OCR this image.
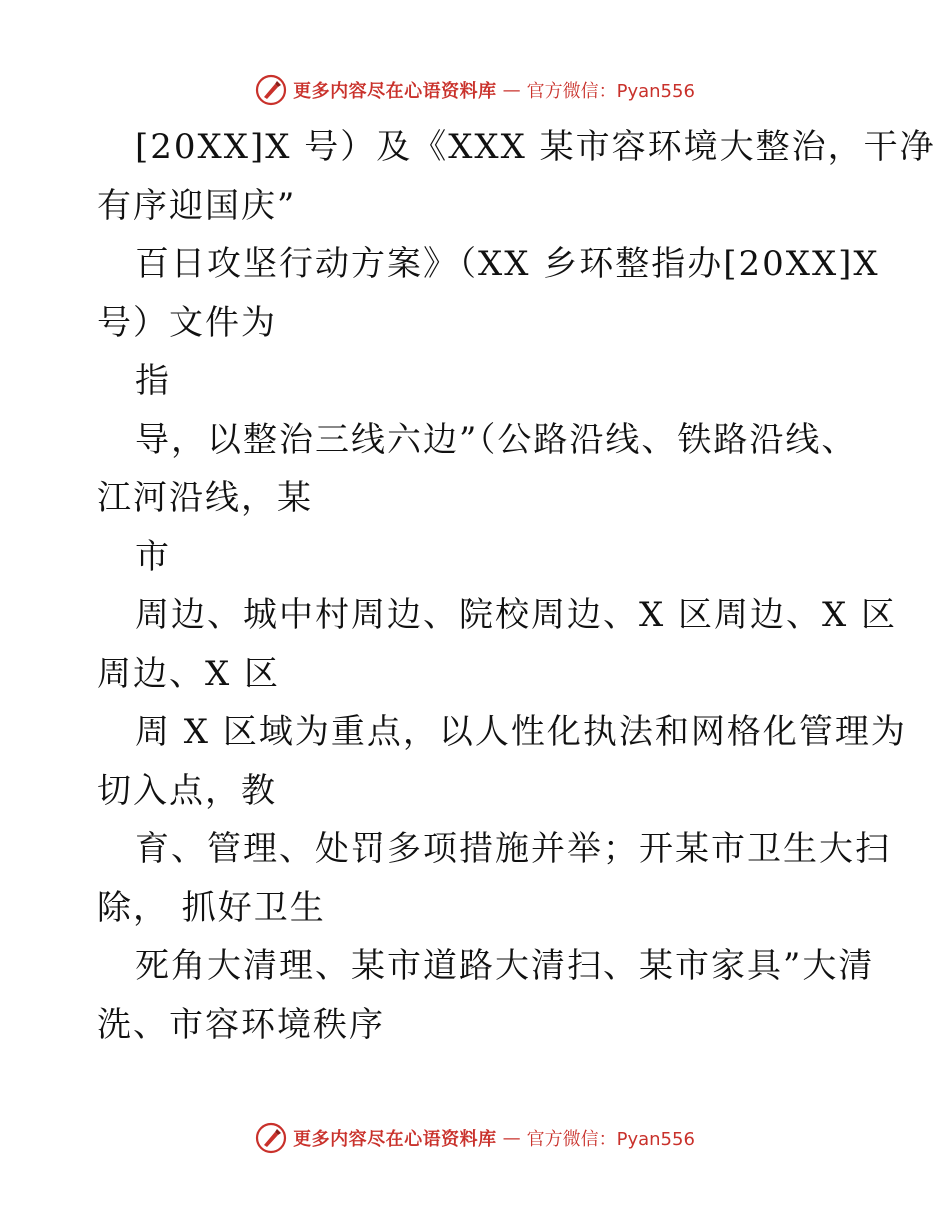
更多内容尽在心语资料库 — 官方微信：Pyan556
[20XX]X 号）及《XXX 某市容环境大整治，干净
有序迎国庆”
百日攻坚行动方案》（XX 乡环整指办[20XX]X
号）文件为
指
导，以整治三线六边”（公路沿线、铁路沿线、
江河沿线，某
市
周边、城中村周边、院校周边、X 区周边、X 区
周边、X 区
周 X 区域为重点，以人性化执法和网格化管理为
切入点，教
育、管理、处罚多项措施并举；开某市卫生大扫
除， 抓好卫生
死角大清理、某市道路大清扫、某市家具”大清
洗、市容环境秩序
更多内容尽在心语资料库 — 官方微信：Pyan556
